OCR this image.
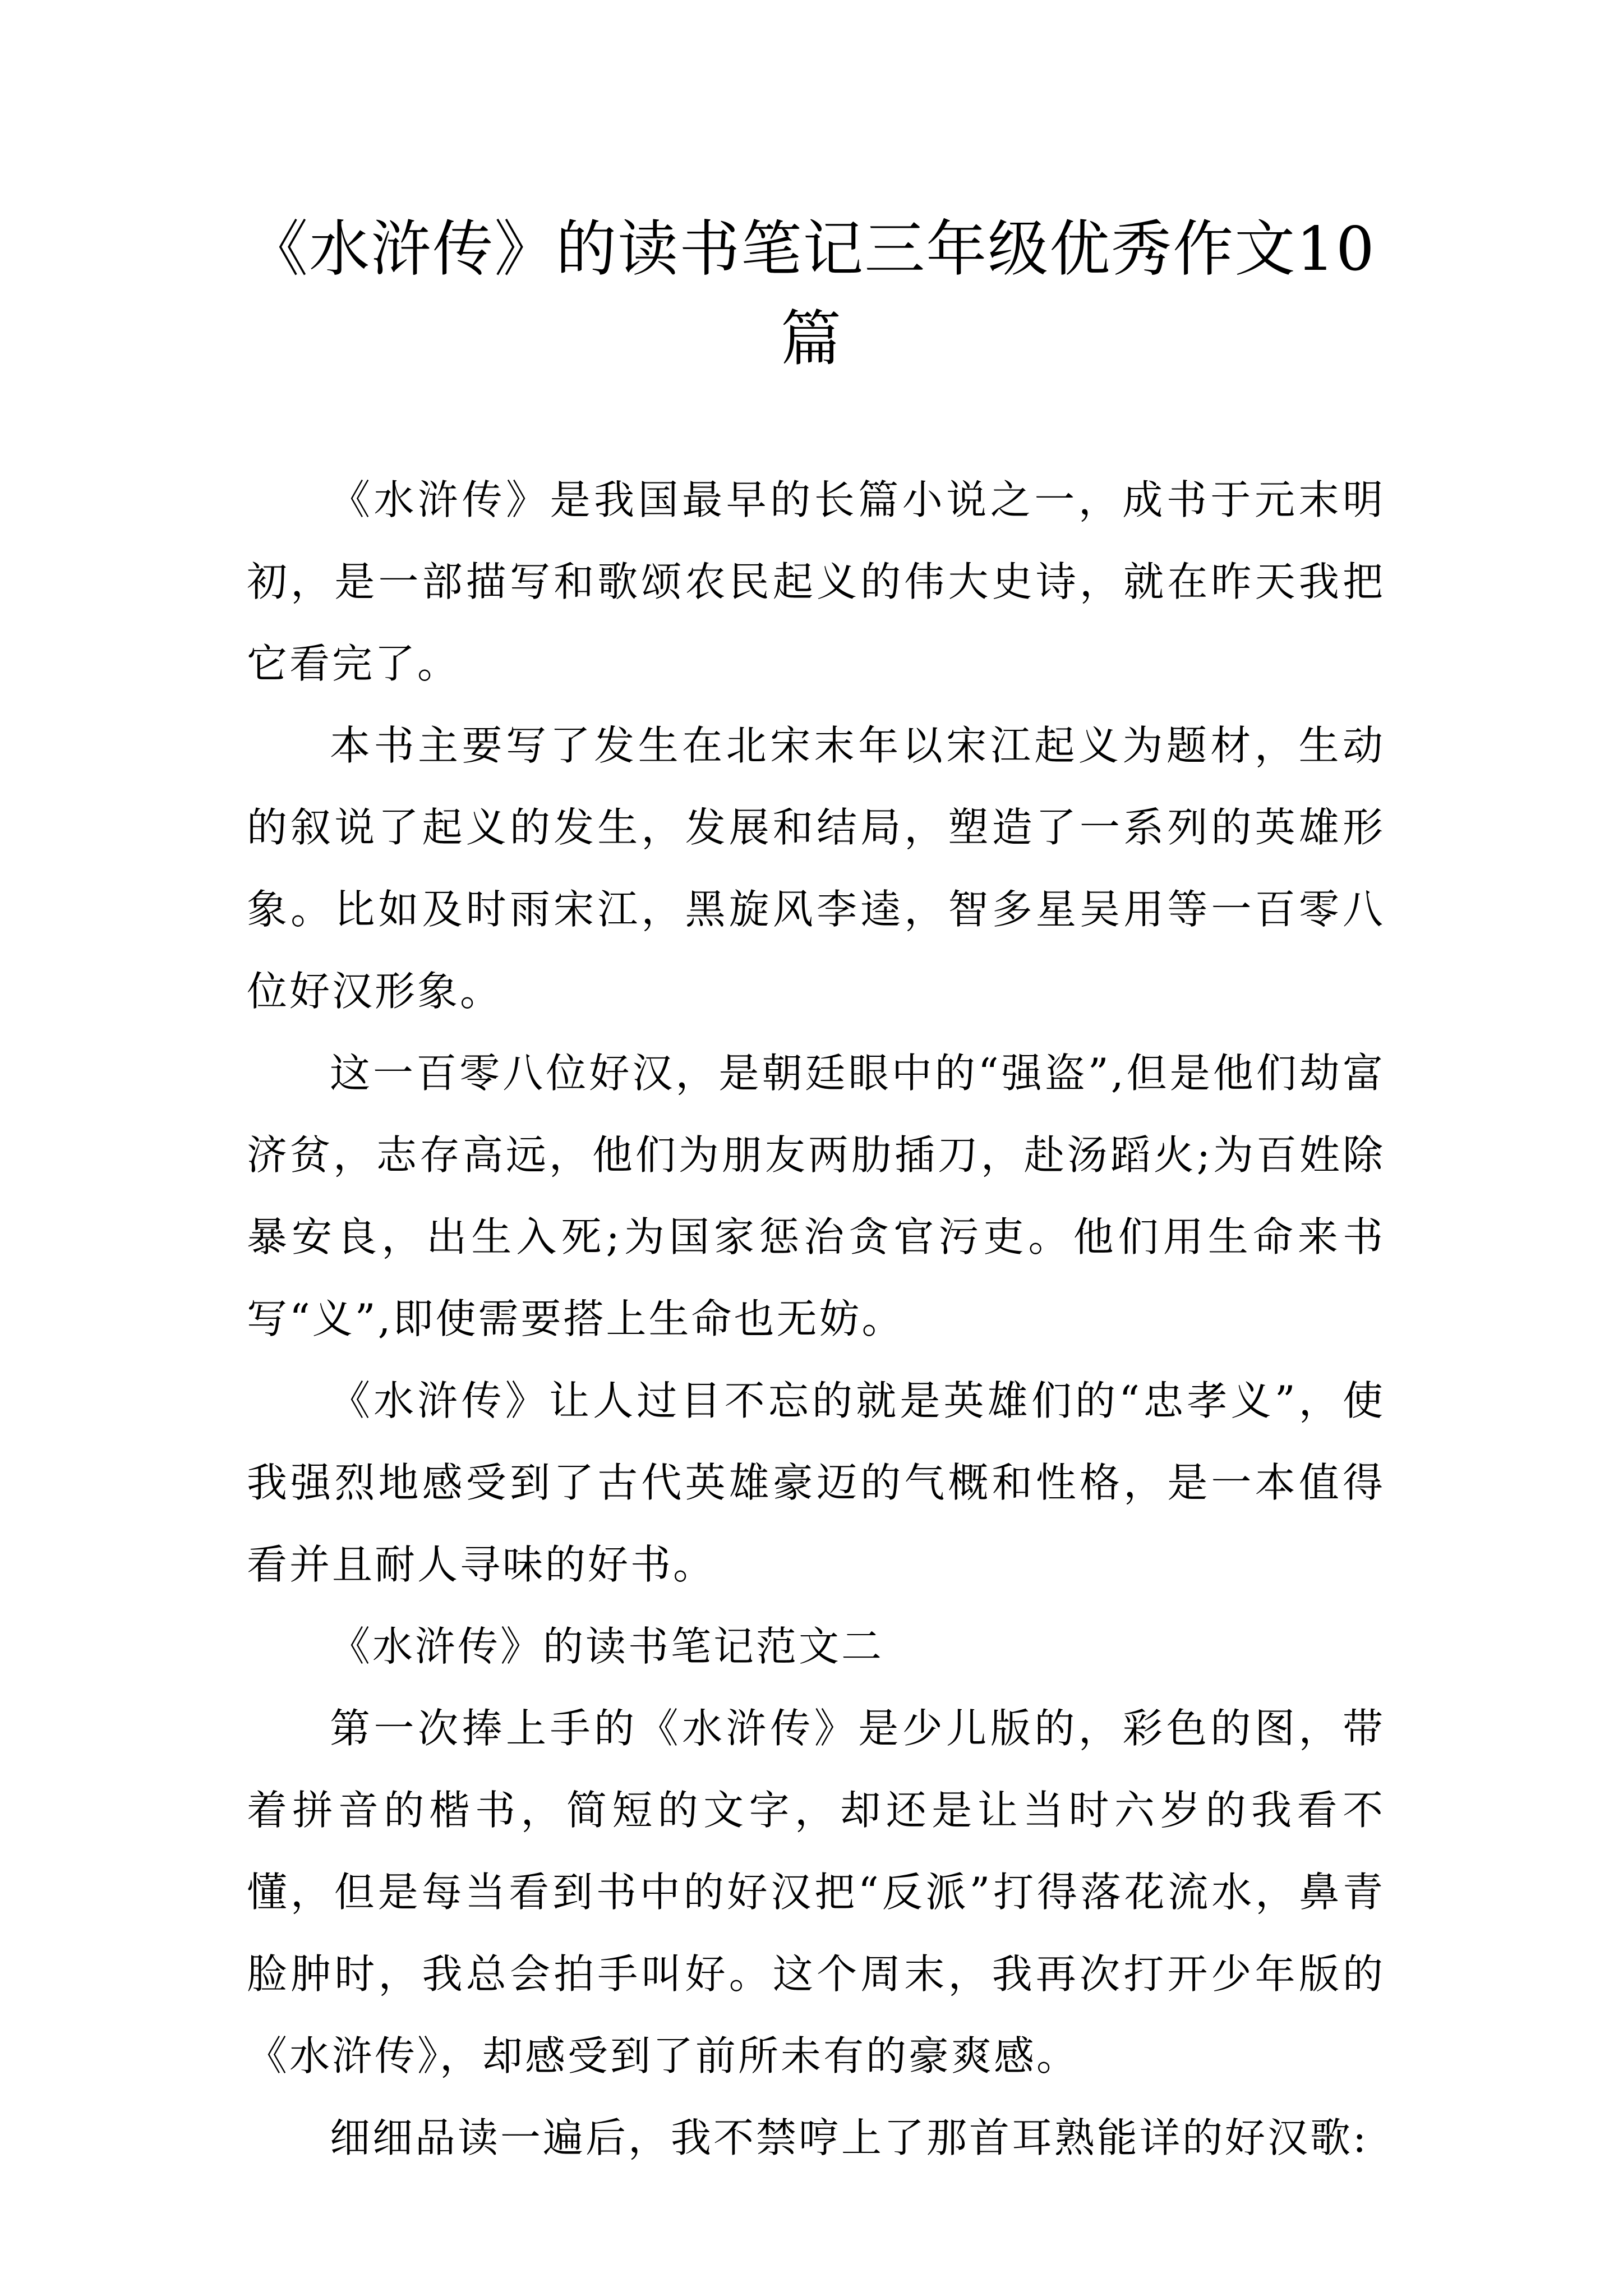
《水浒传》的读书笔记三年级优秀作文10篇

《水浒传》是我国最早的长篇小说之一，成书于元末明初，是一部描写和歌颂农民起义的伟大史诗，就在昨天我把它看完了。

本书主要写了发生在北宋末年以宋江起义为题材，生动的叙说了起义的发生，发展和结局，塑造了一系列的英雄形象。比如及时雨宋江，黑旋风李逵，智多星吴用等一百零八位好汉形象。

这一百零八位好汉，是朝廷眼中的“强盗”,但是他们劫富济贫，志存高远，他们为朋友两肋插刀，赴汤蹈火;为百姓除暴安良，出生入死;为国家惩治贪官污吏。他们用生命来书写“义”,即使需要搭上生命也无妨。

《水浒传》让人过目不忘的就是英雄们的“忠孝义”，使我强烈地感受到了古代英雄豪迈的气概和性格，是一本值得看并且耐人寻味的好书。

《水浒传》的读书笔记范文二

第一次捧上手的《水浒传》是少儿版的，彩色的图，带着拼音的楷书，简短的文字，却还是让当时六岁的我看不懂，但是每当看到书中的好汉把“反派”打得落花流水，鼻青脸肿时，我总会拍手叫好。这个周末，我再次打开少年版的《水浒传》，却感受到了前所未有的豪爽感。

细细品读一遍后，我不禁哼上了那首耳熟能详的好汉歌:
